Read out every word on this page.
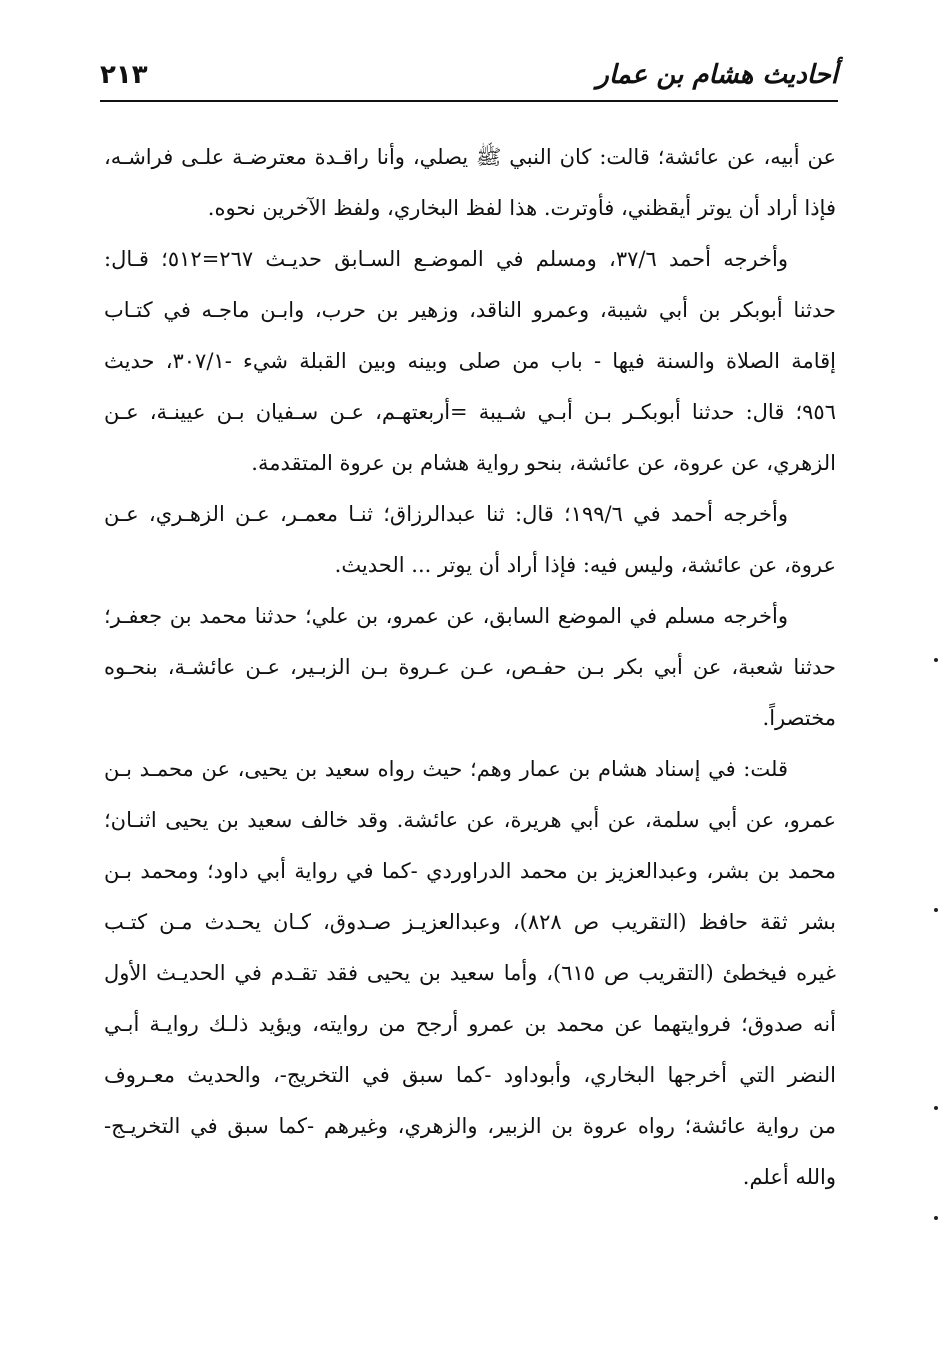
أحاديث هشام بن عمار
٢١٣
عن أبيه، عن عائشة؛ قالت: كان النبي ﷺ يصلي، وأنا راقـدة معترضـة علـى فراشـه،
فإذا أراد أن يوتر أيقظني، فأوترت. هذا لفظ البخاري، ولفظ الآخرين نحوه.
وأخرجه أحمد ٣٧/٦، ومسلم في الموضـع السـابق حديـث ٢٦٧=٥١٢؛ قـال:
حدثنا أبوبكر بن أبي شيبة، وعمرو الناقد، وزهير بن حرب، وابـن ماجـه في كتـاب
إقامة الصلاة والسنة فيها - باب من صلى وبينه وبين القبلة شيء -٣٠٧/١، حديث
٩٥٦؛ قال: حدثنا أبوبكـر بـن أبـي شـيبة =أربعتهـم، عـن سـفيان بـن عيينـة، عـن
الزهري، عن عروة، عن عائشة، بنحو رواية هشام بن عروة المتقدمة.
وأخرجه أحمد في ١٩٩/٦؛ قال: ثنا عبدالرزاق؛ ثنـا معمـر، عـن الزهـري، عـن
عروة، عن عائشة، وليس فيه: فإذا أراد أن يوتر ... الحديث.
وأخرجه مسلم في الموضع السابق، عن عمرو، بن علي؛ حدثنا محمد بن جعفـر؛
حدثنا شعبة، عن أبي بكر بـن حفـص، عـن عـروة بـن الزبـير، عـن عائشـة، بنحـوه
مختصراً.
قلت: في إسناد هشام بن عمار وهم؛ حيث رواه سعيد بن يحيى، عن محمـد بـن
عمرو، عن أبي سلمة، عن أبي هريرة، عن عائشة. وقد خالف سعيد بن يحيى اثنـان؛
محمد بن بشر، وعبدالعزيز بن محمد الدراوردي -كما في رواية أبي داود؛ ومحمد بـن
بشر ثقة حافظ (التقريب ص ٨٢٨)، وعبدالعزيـز صـدوق، كـان يحـدث مـن كتـب
غيره فيخطئ (التقريب ص ٦١٥)، وأما سعيد بن يحيى فقد تقـدم في الحديـث الأول
أنه صدوق؛ فروايتهما عن محمد بن عمرو أرجح من روايته، ويؤيد ذلـك روايـة أبـي
النضر التي أخرجها البخاري، وأبوداود -كما سبق في التخريج-، والحديث معـروف
من رواية عائشة؛ رواه عروة بن الزبير، والزهري، وغيرهم -كما سبق في التخريـج-
والله أعلم.
